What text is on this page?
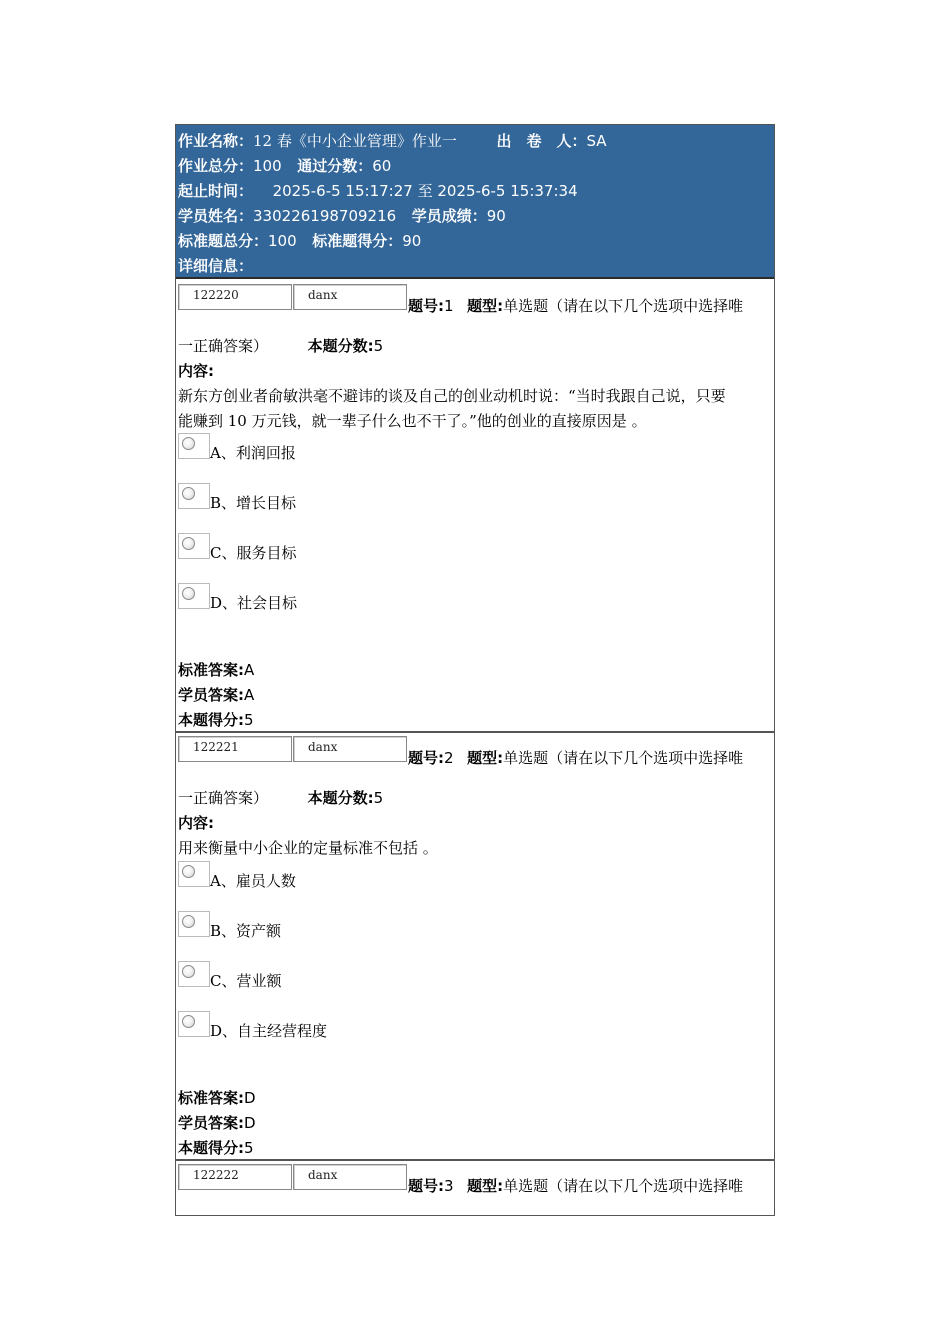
作业名称：12 春《中小企业管理》作业一	出　卷　人：SA
作业总分：100 通过分数：60
起止时间： 2025-6-5 15:17:27 至 2025-6-5 15:37:34
学员姓名：330226198709216 学员成绩：90
标准题总分：100 标准题得分：90
详细信息：
122220	danx
题号:1 题型:单选题（请在以下几个选项中选择唯
一正确答案）	本题分数:5
内容:
新东方创业者俞敏洪毫不避讳的谈及自己的创业动机时说：“当时我跟自己说，只要
能赚到 10 万元钱，就一辈子什么也不干了。”他的创业的直接原因是 。
A、利润回报
B、增长目标
C、服务目标
D、社会目标
标准答案:A
学员答案:A
本题得分:5
122221	danx
题号:2 题型:单选题（请在以下几个选项中选择唯
一正确答案）	本题分数:5
内容:
用来衡量中小企业的定量标准不包括 。
A、雇员人数
B、资产额
C、营业额
D、自主经营程度
标准答案:D
学员答案:D
本题得分:5
122222	danx
题号:3 题型:单选题（请在以下几个选项中选择唯
